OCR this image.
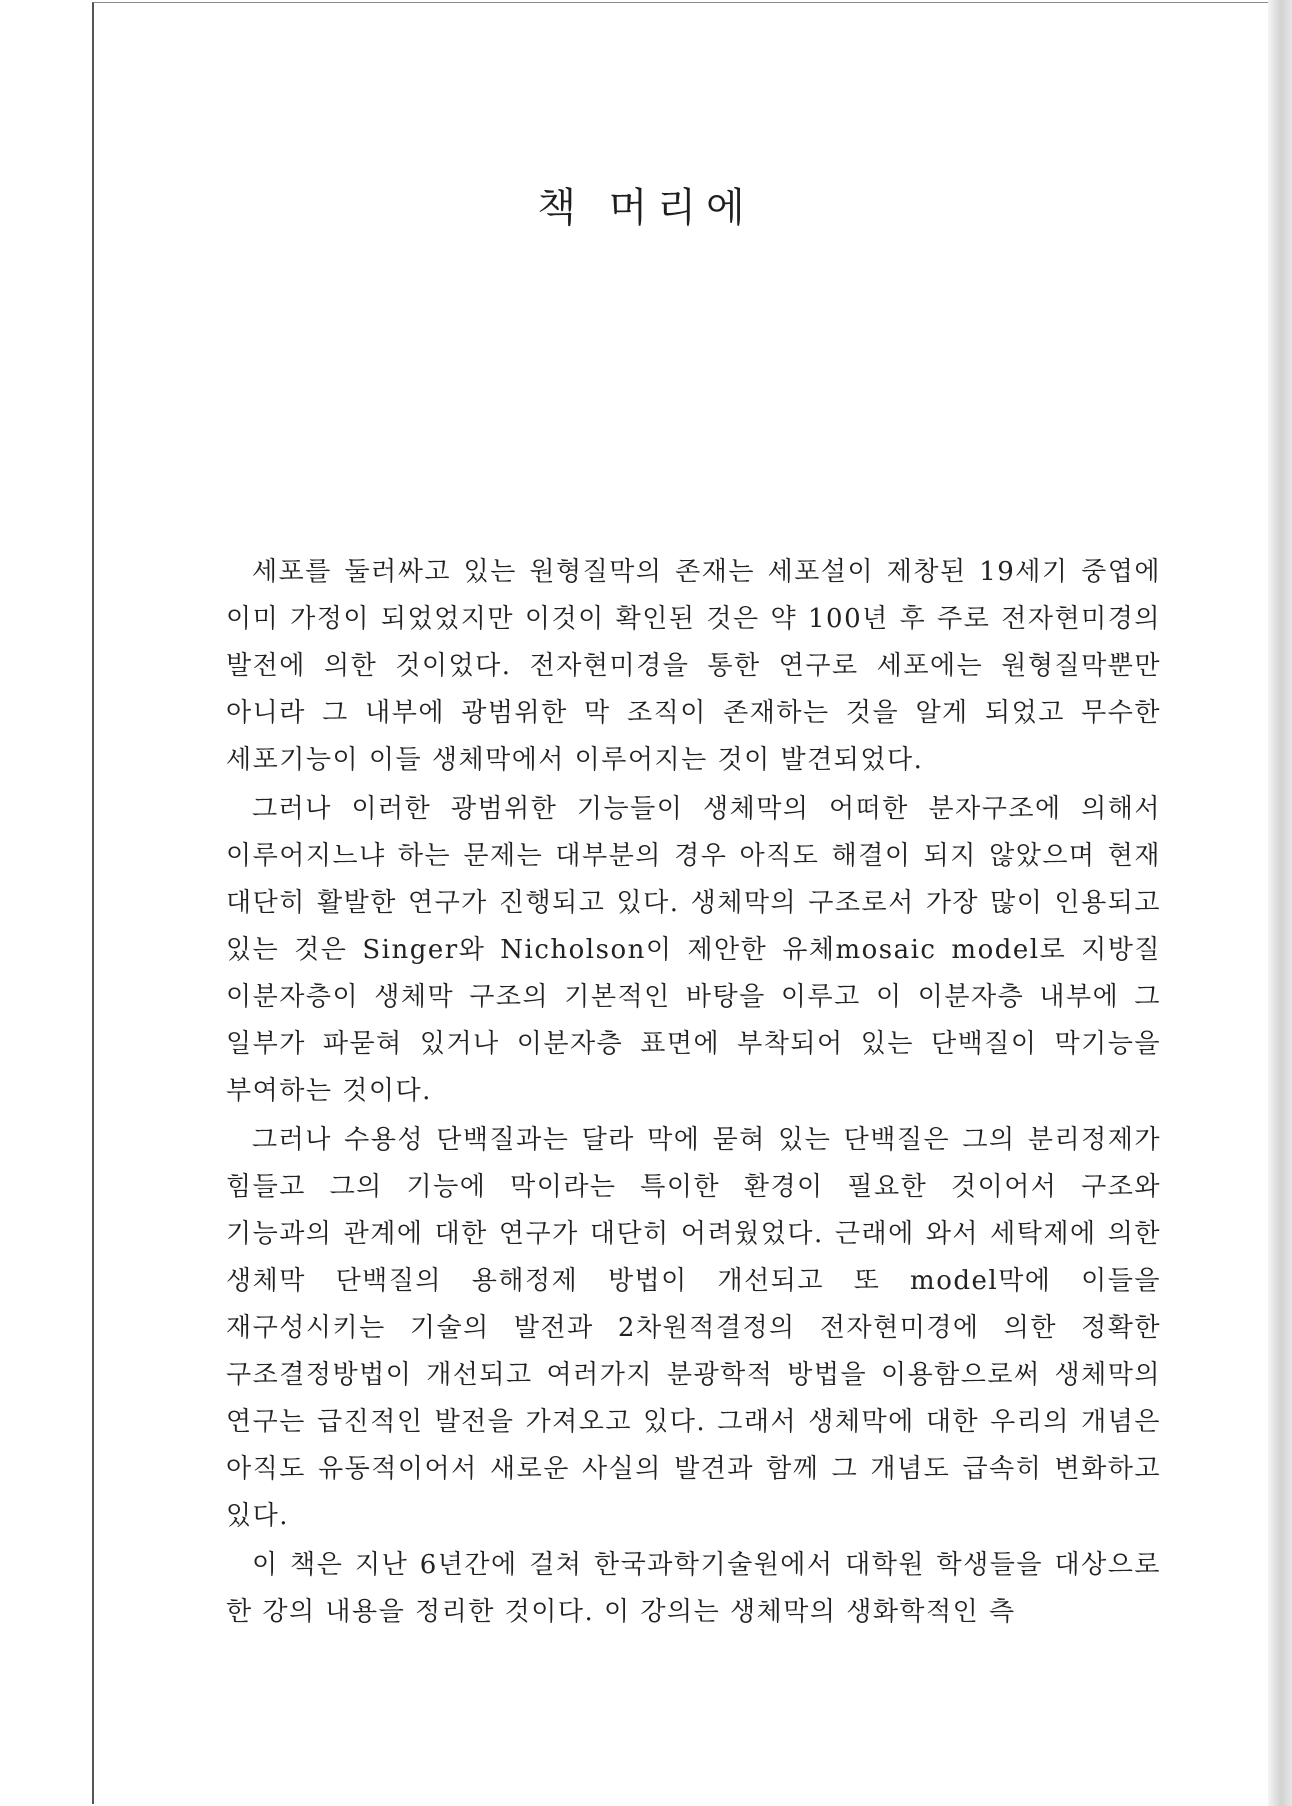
책 머리에

세포를 둘러싸고 있는 원형질막의 존재는 세포설이 제창된 19세기 중엽에 이미 가정이 되었었지만 이것이 확인된 것은 약 100년 후 주로 전자현미경의 발전에 의한 것이었다. 전자현미경을 통한 연구로 세포에는 원형질막뿐만 아니라 그 내부에 광범위한 막 조직이 존재하는 것을 알게 되었고 무수한 세포기능이 이들 생체막에서 이루어지는 것이 발견되었다.

그러나 이러한 광범위한 기능들이 생체막의 어떠한 분자구조에 의해서 이루어지느냐 하는 문제는 대부분의 경우 아직도 해결이 되지 않았으며 현재 대단히 활발한 연구가 진행되고 있다. 생체막의 구조로서 가장 많이 인용되고 있는 것은 Singer와 Nicholson이 제안한 유체mosaic model로 지방질 이분자층이 생체막 구조의 기본적인 바탕을 이루고 이 이분자층 내부에 그 일부가 파묻혀 있거나 이분자층 표면에 부착되어 있는 단백질이 막기능을 부여하는 것이다.

그러나 수용성 단백질과는 달라 막에 묻혀 있는 단백질은 그의 분리정제가 힘들고 그의 기능에 막이라는 특이한 환경이 필요한 것이어서 구조와 기능과의 관계에 대한 연구가 대단히 어려웠었다. 근래에 와서 세탁제에 의한 생체막 단백질의 용해정제 방법이 개선되고 또 model막에 이들을 재구성시키는 기술의 발전과 2차원적결정의 전자현미경에 의한 정확한 구조결정방법이 개선되고 여러가지 분광학적 방법을 이용함으로써 생체막의 연구는 급진적인 발전을 가져오고 있다. 그래서 생체막에 대한 우리의 개념은 아직도 유동적이어서 새로운 사실의 발견과 함께 그 개념도 급속히 변화하고 있다.

이 책은 지난 6년간에 걸쳐 한국과학기술원에서 대학원 학생들을 대상으로 한 강의 내용을 정리한 것이다. 이 강의는 생체막의 생화학적인 측
